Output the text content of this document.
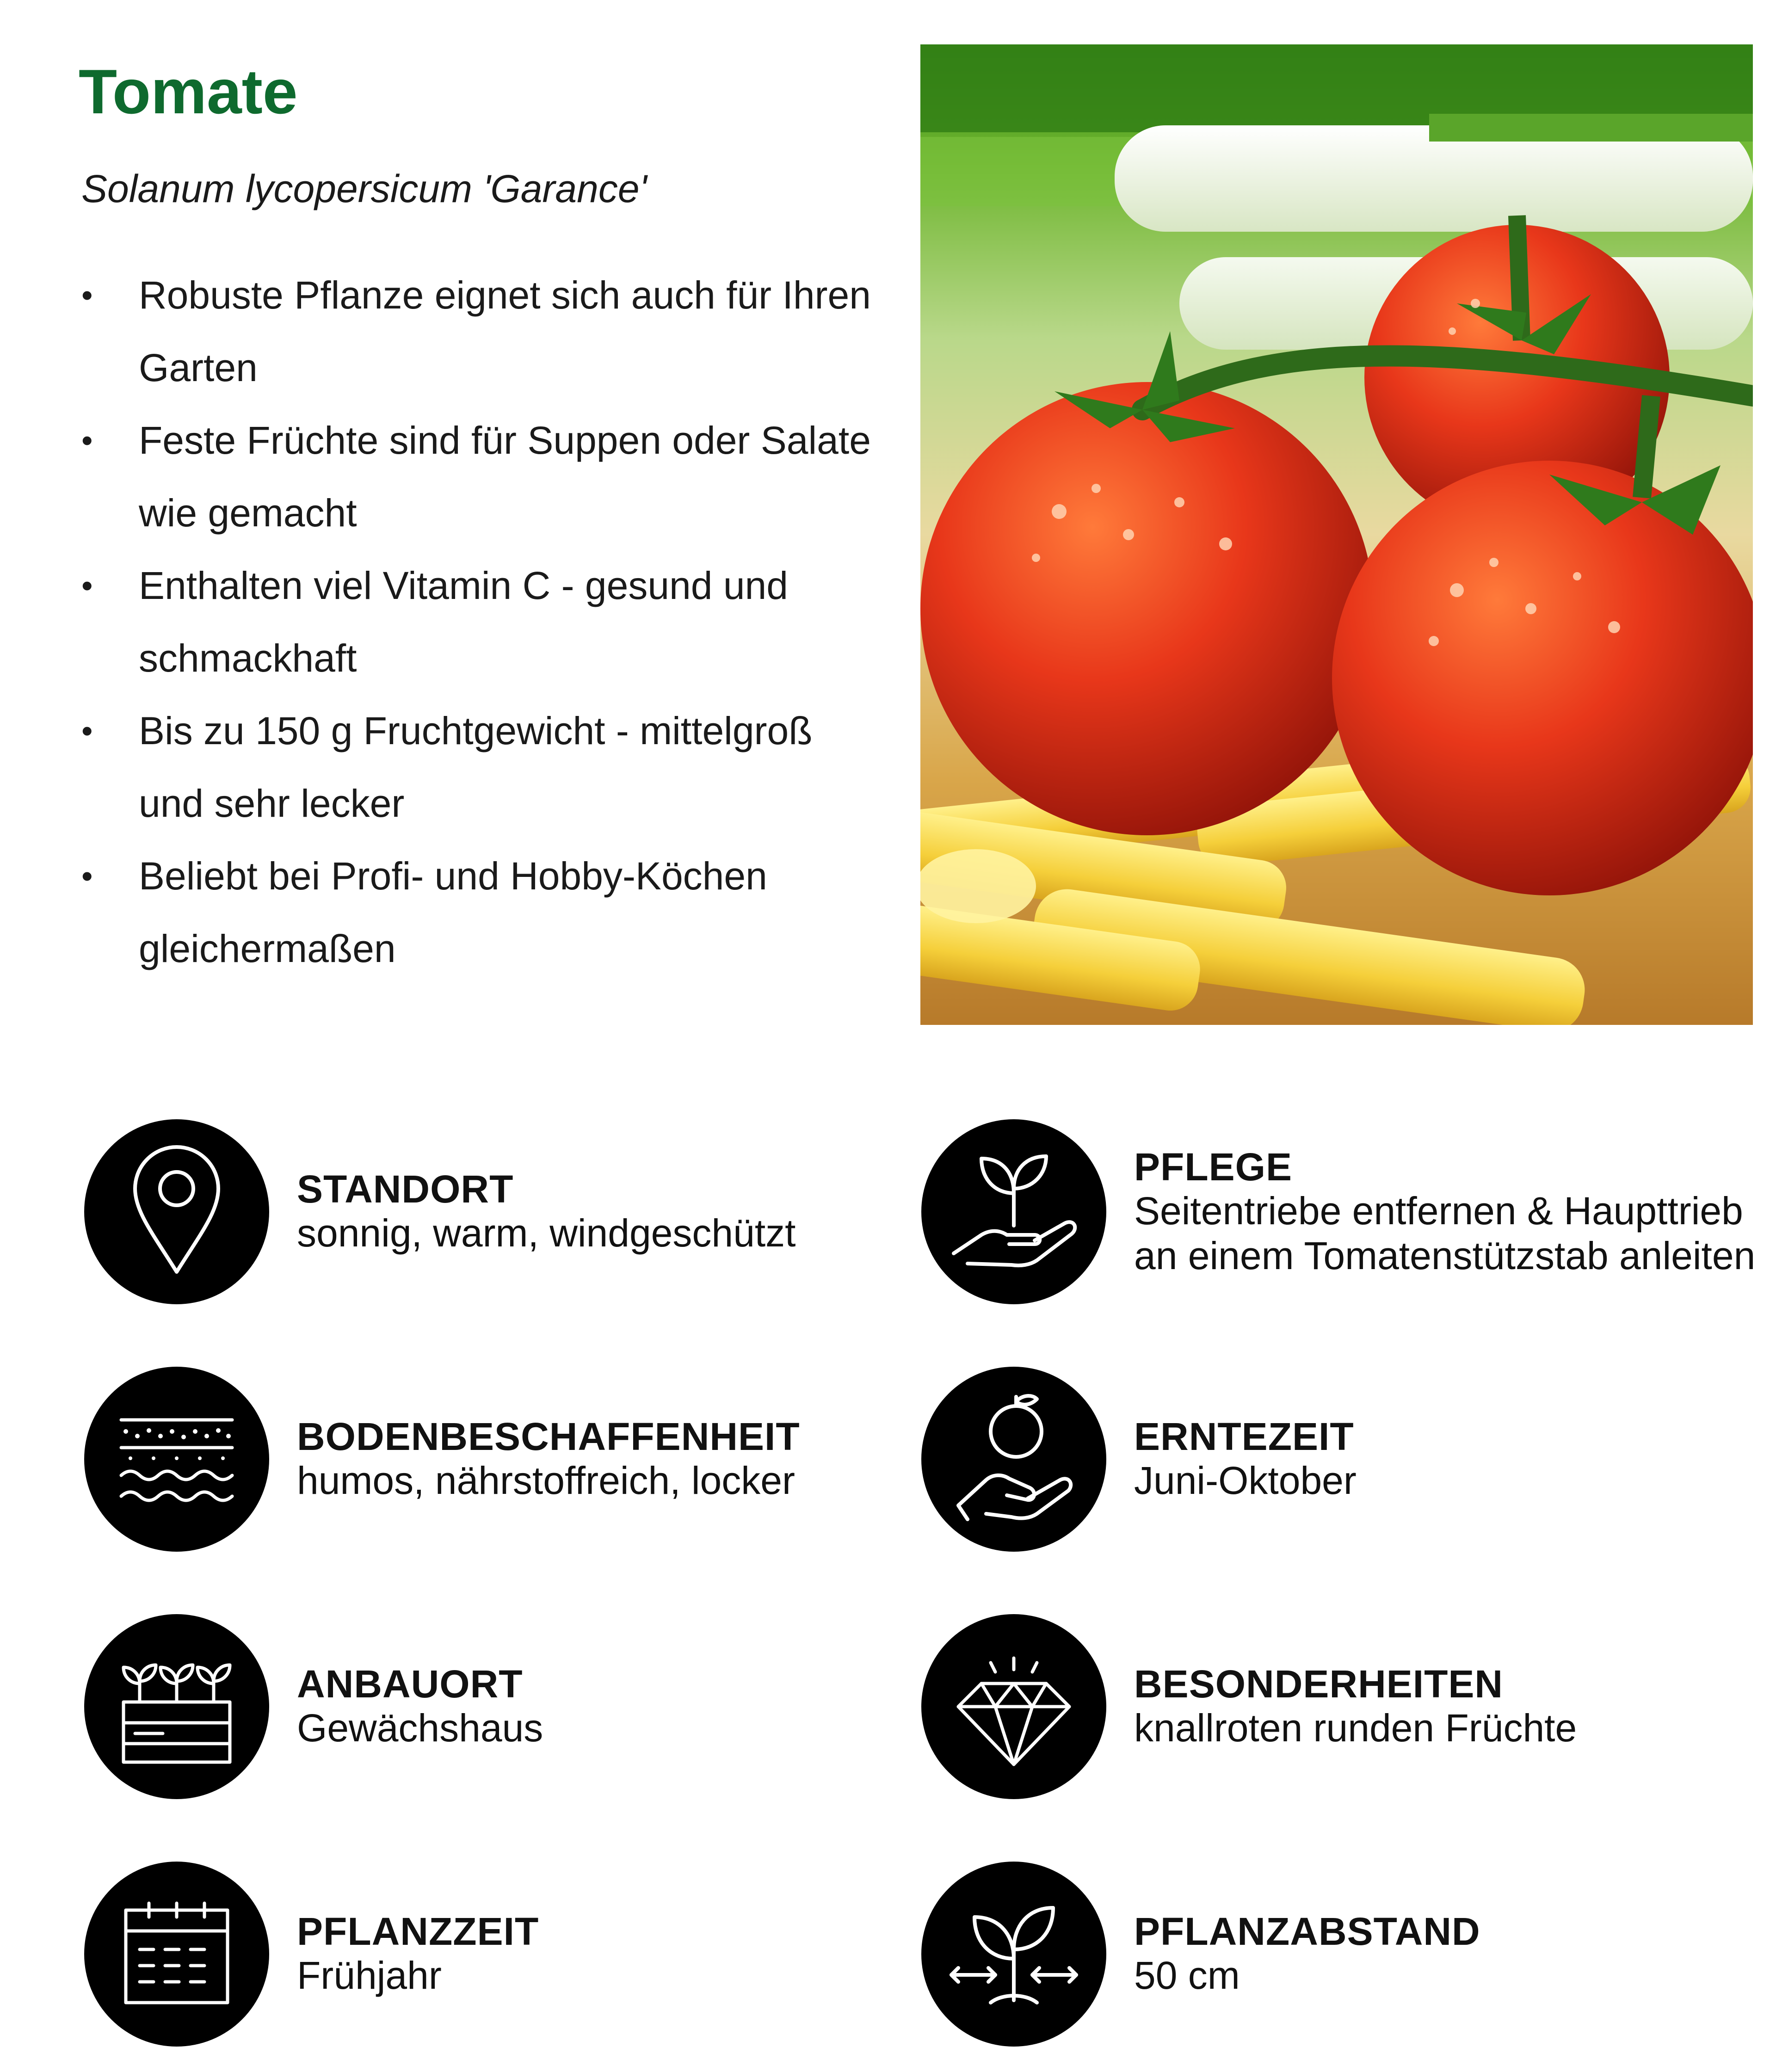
Tomate

Solanum lycopersicum 'Garance'

• Robuste Pflanze eignet sich auch für Ihren Garten
• Feste Früchte sind für Suppen oder Salate wie gemacht
• Enthalten viel Vitamin C - gesund und schmackhaft
• Bis zu 150 g Fruchtgewicht - mittelgroß und sehr lecker
• Beliebt bei Profi- und Hobby-Köchen gleichermaßen
STANDORT
sonnig, warm, windgeschützt
PFLEGE
Seitentriebe entfernen & Haupttrieb an einem Tomatenstützstab anleiten
BODENBESCHAFFENHEIT
humos, nährstoffreich, locker
ERNTEZEIT
Juni-Oktober
ANBAUORT
Gewächshaus
BESONDERHEITEN
knallroten runden Früchte
PFLANZZEIT
Frühjahr
PFLANZABSTAND
50 cm
